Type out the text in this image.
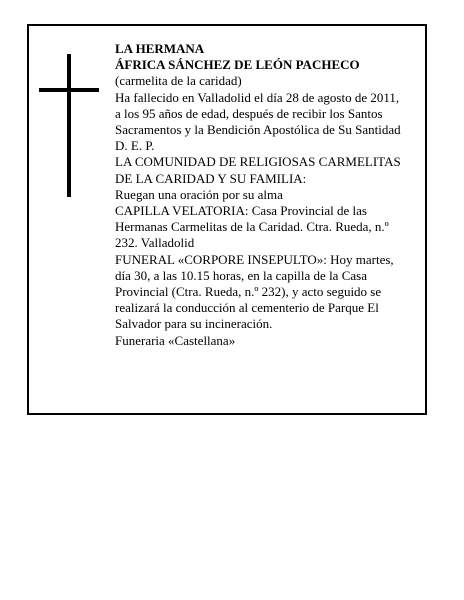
LA HERMANA
ÁFRICA SÁNCHEZ DE LEÓN PACHECO
(carmelita de la caridad)
Ha fallecido en Valladolid el día 28 de agosto de 2011,
a los 95 años de edad, después de recibir los Santos
Sacramentos y la Bendición Apostólica de Su Santidad
D. E. P.
LA COMUNIDAD DE RELIGIOSAS CARMELITAS
DE LA CARIDAD Y SU FAMILIA:
Ruegan una oración por su alma
CAPILLA VELATORIA: Casa Provincial de las
Hermanas Carmelitas de la Caridad. Ctra. Rueda, n.º
232. Valladolid
FUNERAL «CORPORE INSEPULTO»: Hoy martes,
día 30, a las 10.15 horas, en la capilla de la Casa
Provincial (Ctra. Rueda, n.º 232), y acto seguido se
realizará la conducción al cementerio de Parque El
Salvador para su incineración.
Funeraria «Castellana»
